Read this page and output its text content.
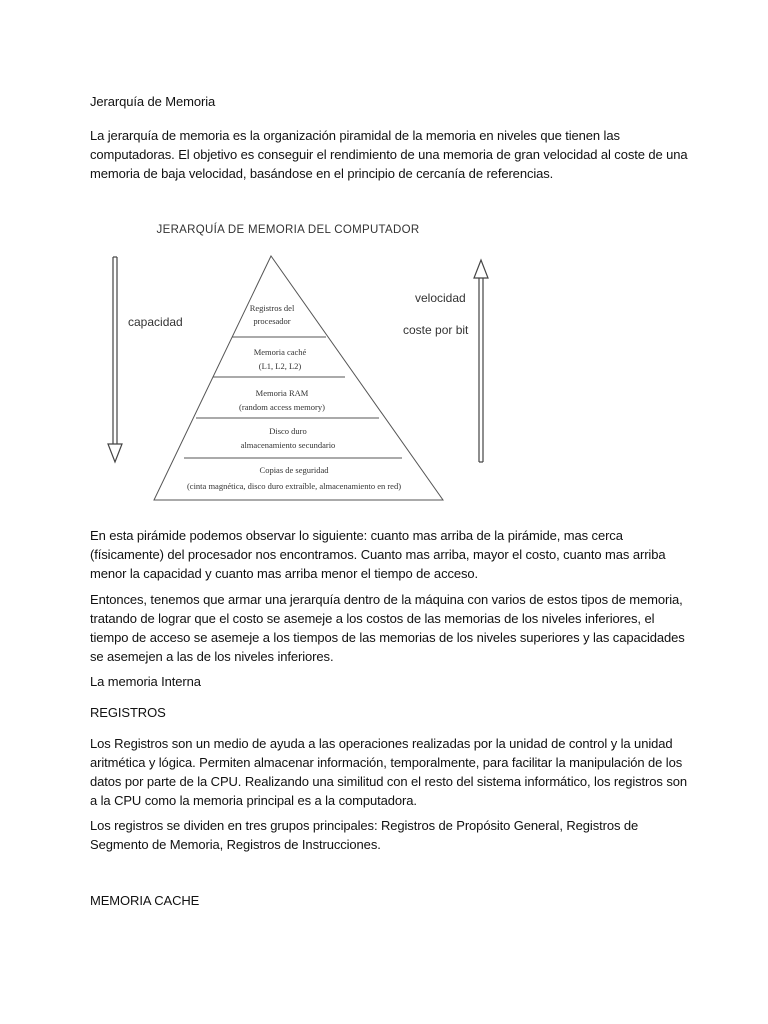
Jerarquía de Memoria

La jerarquía de memoria es la organización piramidal de la memoria en niveles que tienen las computadoras. El objetivo es conseguir el rendimiento de una memoria de gran velocidad al coste de una memoria de baja velocidad, basándose en el principio de cercanía de referencias.

JERARQUÍA DE MEMORIA DEL COMPUTADOR
capacidad
velocidad
coste por bit
Registros del
procesador
Memoria caché
(L1, L2, L2)
Memoria RAM
(random access memory)
Disco duro
almacenamiento secundario
Copias de seguridad
(cinta magnética, disco duro extraíble, almacenamiento en red)

En esta pirámide podemos observar lo siguiente: cuanto mas arriba de la pirámide, mas cerca (físicamente) del procesador nos encontramos. Cuanto mas arriba, mayor el costo, cuanto mas arriba menor la capacidad y cuanto mas arriba menor el tiempo de acceso.

Entonces, tenemos que armar una jerarquía dentro de la máquina con varios de estos tipos de memoria, tratando de lograr que el costo se asemeje a los costos de las memorias de los niveles inferiores, el tiempo de acceso se asemeje a los tiempos de las memorias de los niveles superiores y las capacidades se asemejen a las de los niveles inferiores.

La memoria Interna

REGISTROS

Los Registros son un medio de ayuda a las operaciones realizadas por la unidad de control y la unidad aritmética y lógica. Permiten almacenar información, temporalmente, para facilitar la manipulación de los datos por parte de la CPU. Realizando una similitud con el resto del sistema informático, los registros son a la CPU como la memoria principal es a la computadora.

Los registros se dividen en tres grupos principales: Registros de Propósito General, Registros de Segmento de Memoria, Registros de Instrucciones.

MEMORIA CACHE
